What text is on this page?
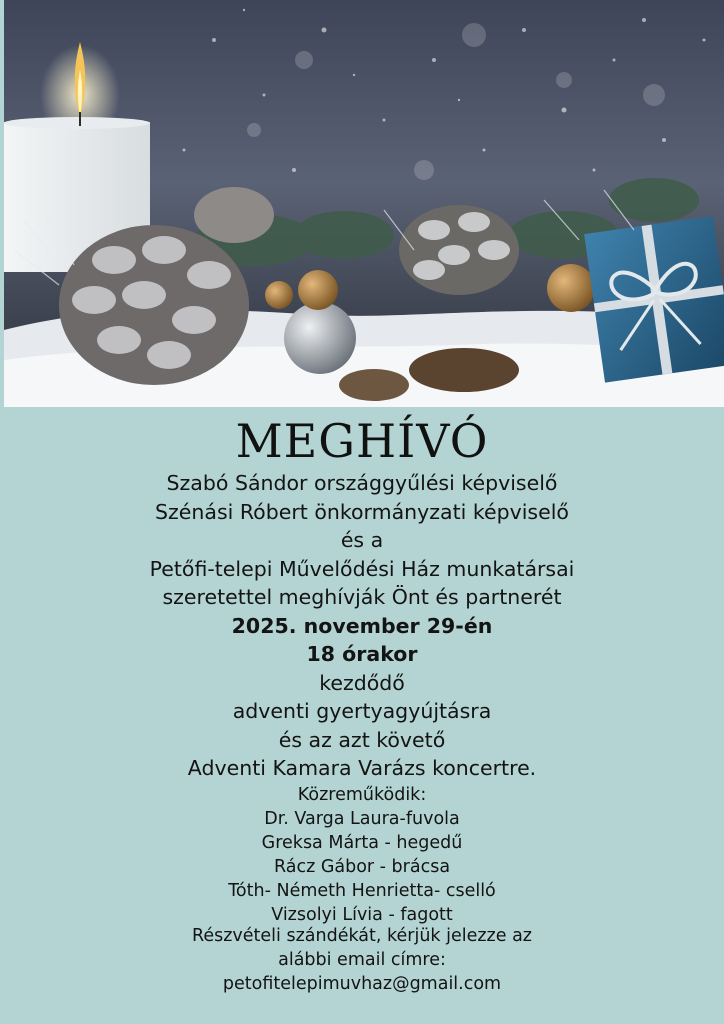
MEGHÍVÓ
Szabó Sándor országgyűlési képviselő
Szénási Róbert önkormányzati képviselő
és a
Petőfi-telepi Művelődési Ház munkatársai
szeretettel meghívják Önt és partnerét
2025. november 29-én
18 órakor
kezdődő
adventi gyertyagyújtásra
és az azt követő
Adventi Kamara Varázs koncertre.
Közreműködik:
Dr. Varga Laura-fuvola
Greksa Márta - hegedű
Rácz Gábor - brácsa
Tóth- Németh Henrietta- cselló
Vizsolyi Lívia - fagott
Részvételi szándékát, kérjük jelezze az
alábbi email címre:
petofitelepimuvhaz@gmail.com
